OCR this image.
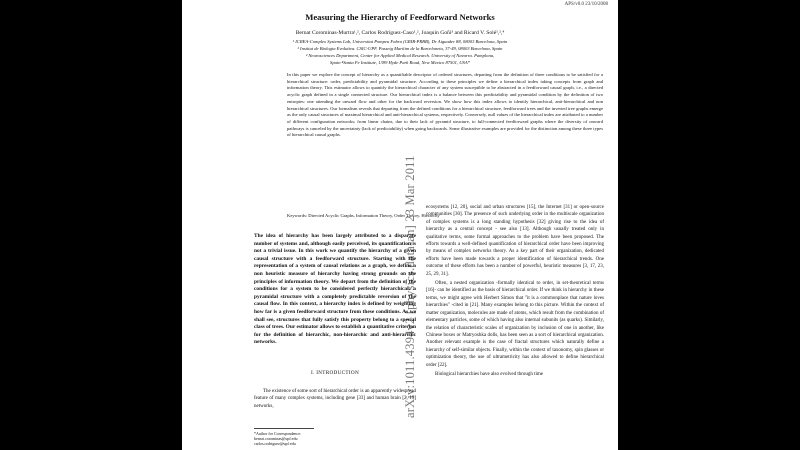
arXiv:1011.4394v2 [physics.data-an] 23 Mar 2011
APS/v0.0 23/10/2008
Measuring the Hierarchy of Feedforward Networks
Bernat Corominas-Murtra¹,², Carlos Rodríguez-Caso¹,², Joaquín Goñi³ and Ricard V. Solé¹,²,⁴
¹ ICREA-Complex Systems Lab, Universitat Pompeu Fabra (GRIB-PRBB), Dr Aiguader 88, 08003 Barcelona, Spain
² Institut de Biologia Evolutiva. CSIC-UPF. Passeig Marítim de la Barceloneta, 37-49, 08003 Barcelona, Spain
³ Neurosciences Department, Center for Applied Medical Research. University of Navarra. Pamplona,
Spain ⁴Santa Fe Institute, 1399 Hyde Park Road, New Mexico 87501, USA*
In this paper we explore the concept of hierarchy as a quantifiable descriptor of ordered structures, departing from the definition of three conditions to be satisfied for a hierarchical structure: order, predictability and pyramidal structure. According to these principles we define a hierarchical index taking concepts from graph and information theory. This estimator allows to quantify the hierarchical character of any system susceptible to be abstracted in a feedforward causal graph, i.e., a directed acyclic graph defined in a single connected structure. Our hierarchical index is a balance between this predictability and pyramidal condition by the definition of two entropies: one attending the onward flow and other for the backward reversion. We show how this index allows to identify hierarchical, anti-hierarchical and non hierarchical structures. Our formalism reveals that departing from the defined conditions for a hierarchical structure, feedforward trees and the inverted tree graphs emerge as the only causal structures of maximal hierarchical and anti-hierarchical systems, respectively. Conversely, null values of the hierarchical index are attributed to a number of different configuration networks; from linear chains, due to their lack of pyramid structure, to full-connected feedforward graphs where the diversity of onward pathways is canceled by the uncertainty (lack of predictability) when going backwards. Some illustrative examples are provided for the distinction among these three types of hierarchical causal graphs.
Keywords: Directed Acyclic Graphs, Information Theory, Order Theory, Hierarchy
The idea of hierarchy has been largely attributed to a disparate number of systems and, although easily perceived, its quantification is not a trivial issue. In this work we quantify the hierarchy of a given causal structure with a feedforward structure. Starting with the representation of a system of causal relations as a graph, we define a non heuristic measure of hierarchy having strong grounds on the principles of information theory. We depart from the definition of the conditions for a system to be considered perfectly hierarchical: a pyramidal structure with a completely predictable reversion of the causal flow. In this context, a hierarchy index is defined by weighting how far is a given feedforward structure from these conditions. As we shall see, structures that fully satisfy this property belong to a special class of trees. Our estimator allows to establish a quantitative criterion for the definition of hierarchic, non-hierarchic and anti-hierarchic networks.
I. INTRODUCTION

The existence of some sort of hierarchical order is an apparently widespread feature of many complex systems, including gene [33] and human brain [2, 19] networks,

*Author for Correspondence:
bernat.corominas@upf.edu
carlos.rodriguez@upf.edu

ecosystems [12, 20], social and urban structures [15], the Internet [31] or open-source communities [30]. The presence of such underlying order in the multiscale organization of complex systems is a long standing hypothesis [32] giving rise to the idea of hierarchy as a central concept - see also [13]. Although usually treated only in qualitative terms, some formal approaches to the problem have been proposed. The efforts towards a well-defined quantification of hierarchical order have been improving by means of complex networks theory. As a key part of their organization, dedicated efforts have been made towards a proper identification of hierarchical trends. One outcome of these efforts has been a number of powerful, heuristic measures [3, 17, 23, 25, 29, 31].

Often, a nested organization -formally identical to order, in set-theoretical terms [16]- can be identified as the basis of hierarchical order. If we think in hierarchy in these terms, we might agree with Herbert Simon that "it is a commonplace that nature loves hierarchies" -cited in [21]. Many examples belong to this picture. Within the context of matter organization, molecules are made of atoms, which result from the combination of elementary particles, some of which having also internal subunits (as quarks). Similarly, the relation of characteristic scales of organization by inclusion of one in another, like Chinese boxes or Matryoshka dolls, has been seen as a sort of hierarchical organization. Another relevant example is the case of fractal structures which naturally define a hierarchy of self-similar objects. Finally, within the context of taxonomy, spin glasses or optimization theory, the use of ultrametricity has also allowed to define hierarchical order [22].

Biological hierarchies have also evolved through time
